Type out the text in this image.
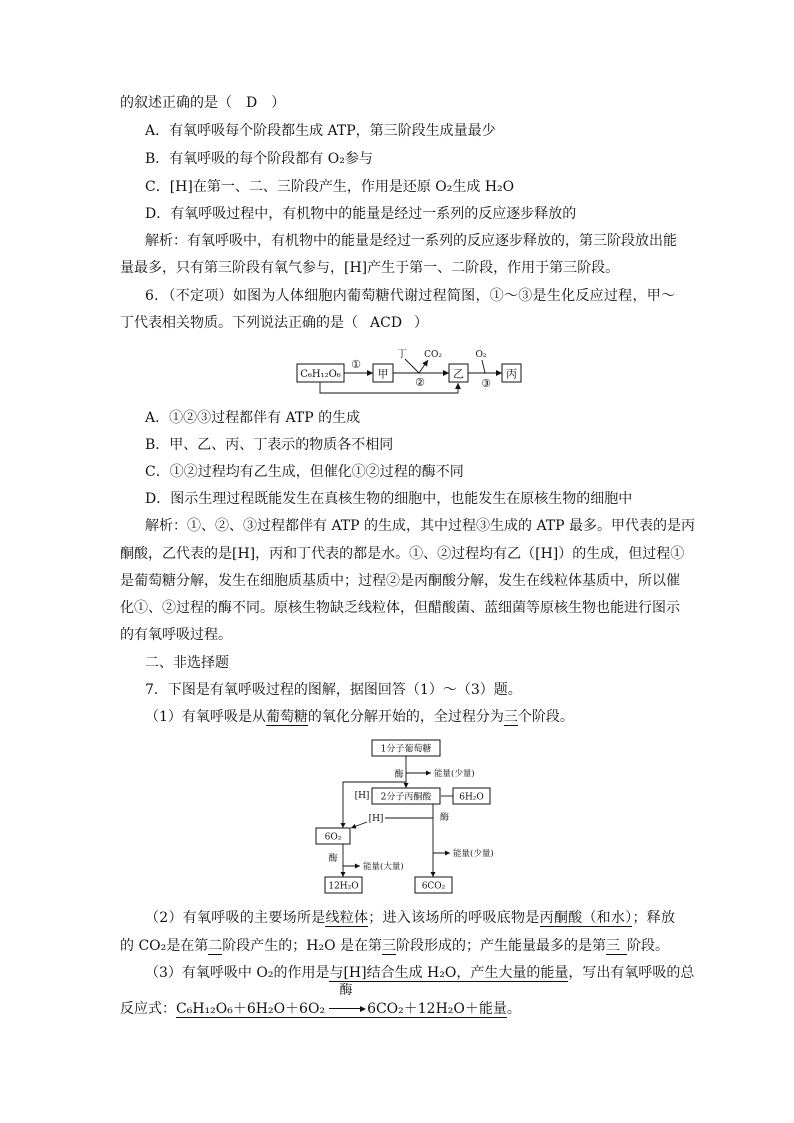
的叙述正确的是（ D ）
A．有氧呼吸每个阶段都生成 ATP，第三阶段生成量最少
B．有氧呼吸的每个阶段都有 O₂参与
C．[H]在第一、二、三阶段产生，作用是还原 O₂生成 H₂O
D．有氧呼吸过程中，有机物中的能量是经过一系列的反应逐步释放的
解析：有氧呼吸中，有机物中的能量是经过一系列的反应逐步释放的，第三阶段放出能
量最多，只有第三阶段有氧气参与，[H]产生于第一、二阶段，作用于第三阶段。
6．（不定项）如图为人体细胞内葡萄糖代谢过程简图，①～③是生化反应过程，甲～
丁代表相关物质。下列说法正确的是（ ACD ）
C₆H₁₂O₆
①
甲
丁 CO₂
②
乙
O₂
③
丙
A．①②③过程都伴有 ATP 的生成
B．甲、乙、丙、丁表示的物质各不相同
C．①②过程均有乙生成，但催化①②过程的酶不同
D．图示生理过程既能发生在真核生物的细胞中，也能发生在原核生物的细胞中
解析：①、②、③过程都伴有 ATP 的生成，其中过程③生成的 ATP 最多。甲代表的是丙
酮酸，乙代表的是[H]，丙和丁代表的都是水。①、②过程均有乙（[H]）的生成，但过程①
是葡萄糖分解，发生在细胞质基质中；过程②是丙酮酸分解，发生在线粒体基质中，所以催
化①、②过程的酶不同。原核生物缺乏线粒体，但醋酸菌、蓝细菌等原核生物也能进行图示
的有氧呼吸过程。
二、非选择题
7．下图是有氧呼吸过程的图解，据图回答（1）～（3）题。
（1）有氧呼吸是从葡萄糖的氧化分解开始的，全过程分为三个阶段。
1分子葡萄糖
酶	能量(少量)
[H] 2分子丙酮酸	6H₂O
酶
[H]
能量(少量)
6O₂
酶
能量(大量)
12H₂O	6CO₂
（2）有氧呼吸的主要场所是线粒体；进入该场所的呼吸底物是丙酮酸（和水）；释放
的 CO₂是在第二阶段产生的；H₂O 是在第三阶段形成的；产生能量最多的是第三 阶段。
（3）有氧呼吸中 O₂的作用是与[H]结合生成 H₂O，产生大量的能量，写出有氧呼吸的总
反应式：C₆H₁₂O₆＋6H₂O＋6O₂
酶
6CO₂＋12H₂O＋能量。
